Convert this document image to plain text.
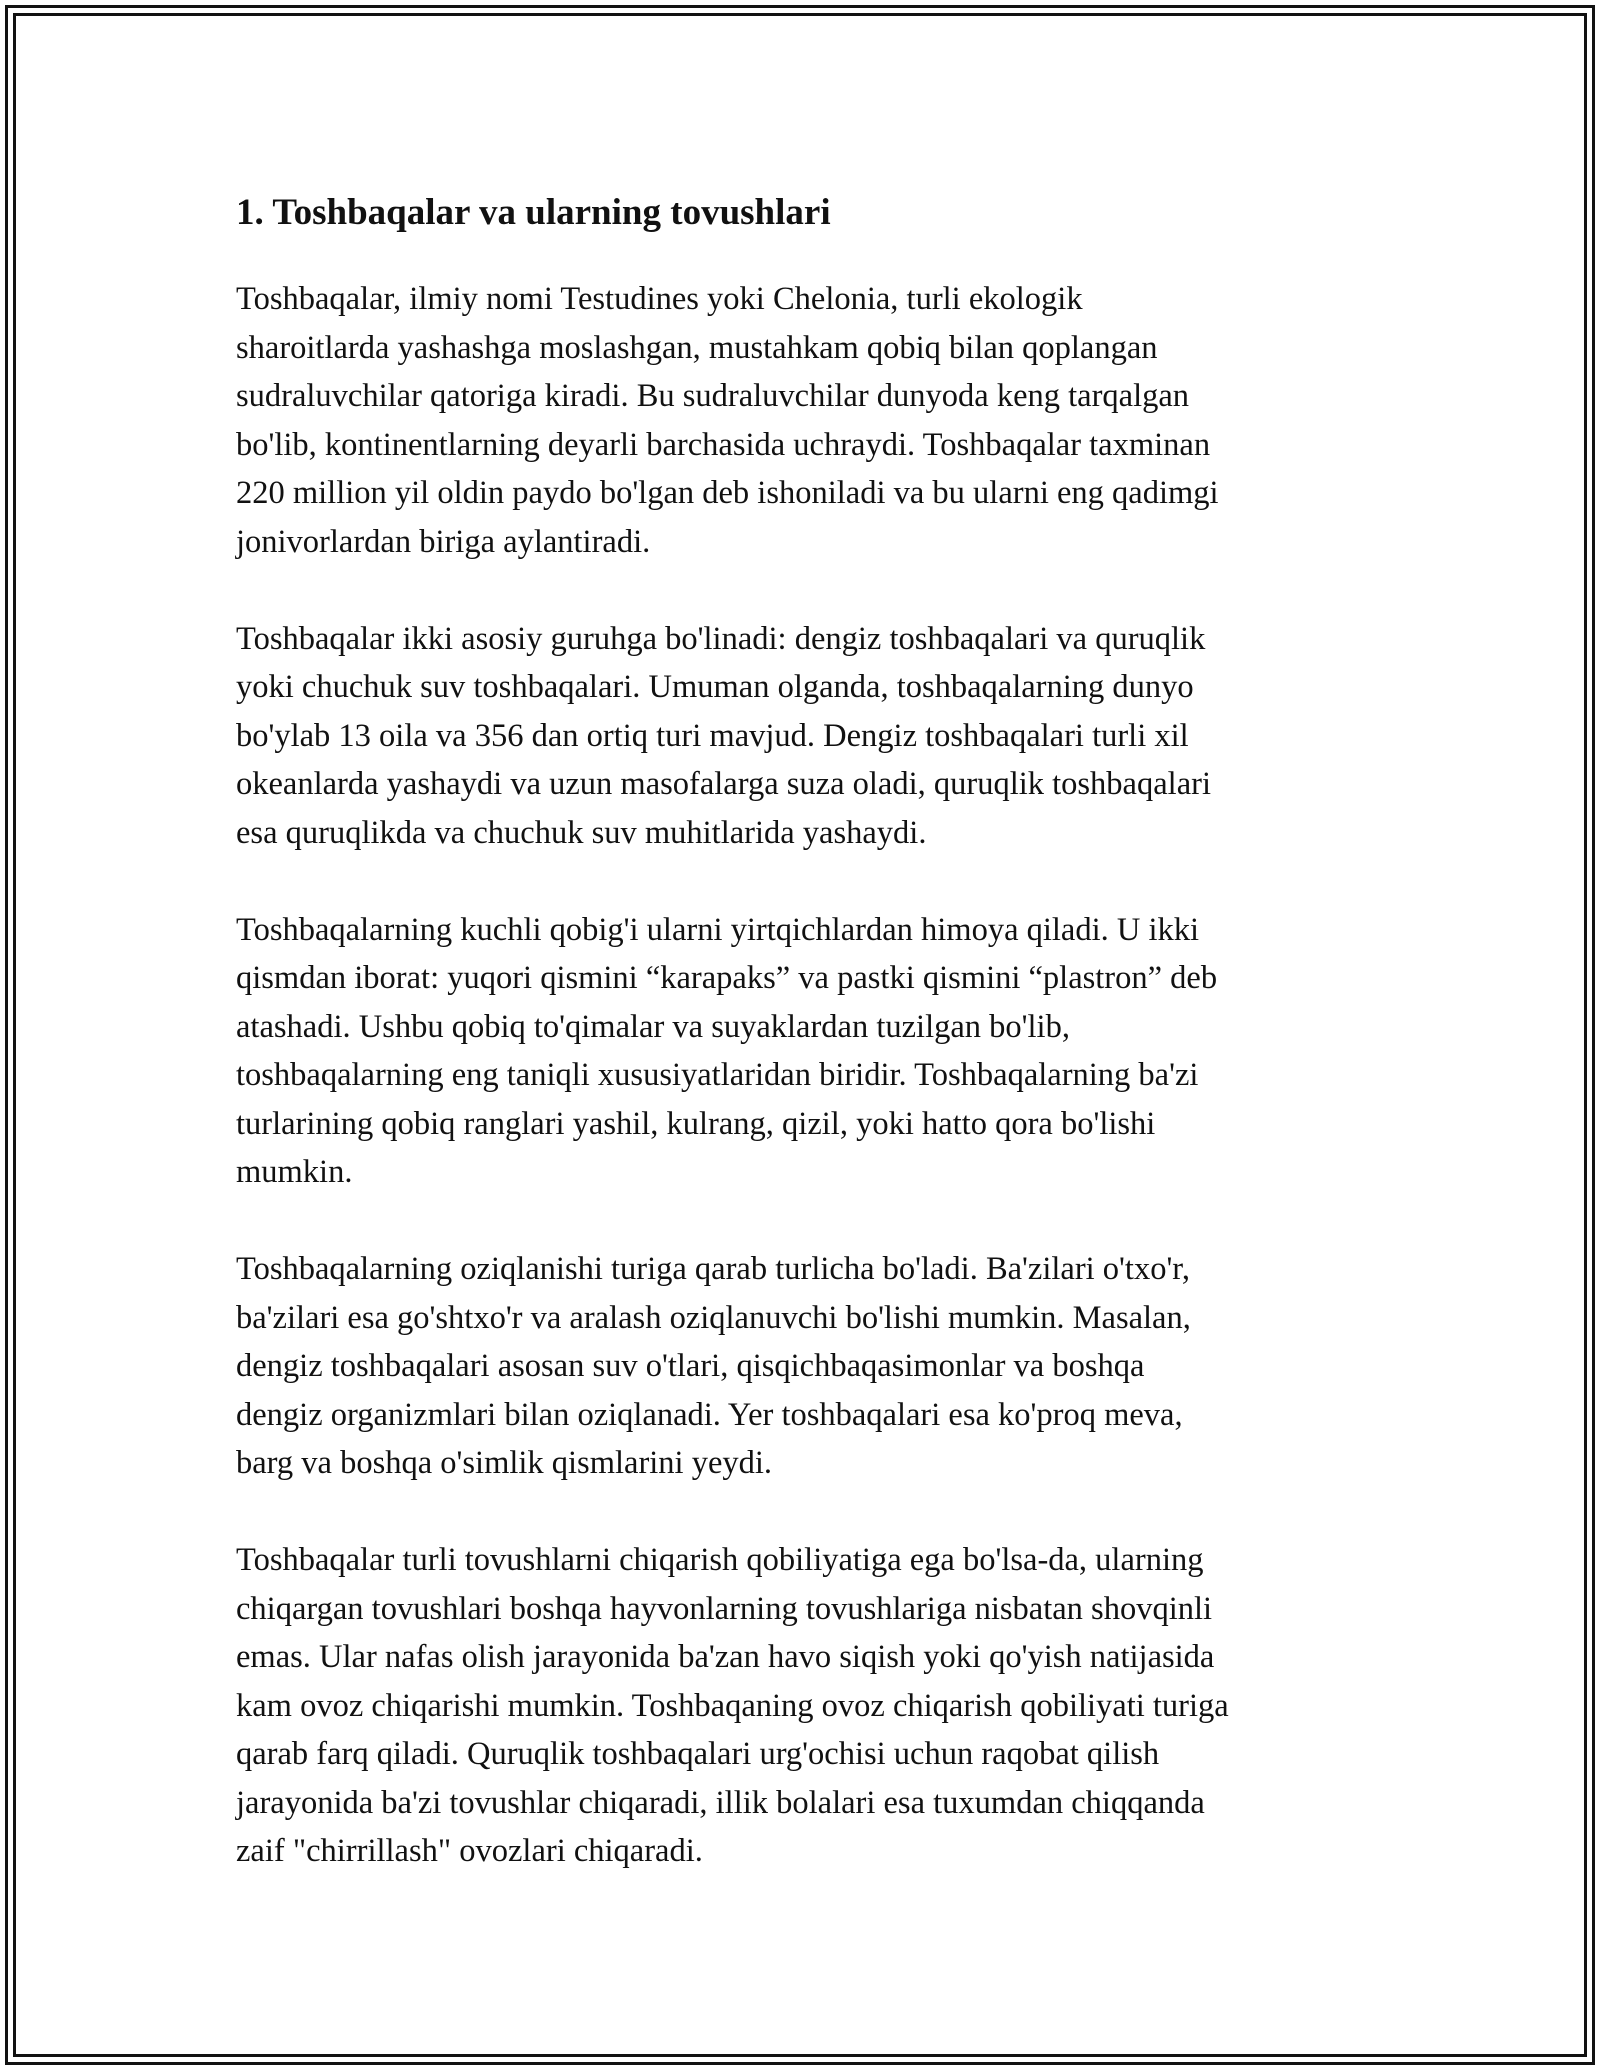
1. Toshbaqalar va ularning tovushlari

Toshbaqalar, ilmiy nomi Testudines yoki Chelonia, turli ekologik
sharoitlarda yashashga moslashgan, mustahkam qobiq bilan qoplangan
sudraluvchilar qatoriga kiradi. Bu sudraluvchilar dunyoda keng tarqalgan
bo'lib, kontinentlarning deyarli barchasida uchraydi. Toshbaqalar taxminan
220 million yil oldin paydo bo'lgan deb ishoniladi va bu ularni eng qadimgi
jonivorlardan biriga aylantiradi.

Toshbaqalar ikki asosiy guruhga bo'linadi: dengiz toshbaqalari va quruqlik
yoki chuchuk suv toshbaqalari. Umuman olganda, toshbaqalarning dunyo
bo'ylab 13 oila va 356 dan ortiq turi mavjud. Dengiz toshbaqalari turli xil
okeanlarda yashaydi va uzun masofalarga suza oladi, quruqlik toshbaqalari
esa quruqlikda va chuchuk suv muhitlarida yashaydi.

Toshbaqalarning kuchli qobig'i ularni yirtqichlardan himoya qiladi. U ikki
qismdan iborat: yuqori qismini “karapaks” va pastki qismini “plastron” deb
atashadi. Ushbu qobiq to'qimalar va suyaklardan tuzilgan bo'lib,
toshbaqalarning eng taniqli xususiyatlaridan biridir. Toshbaqalarning ba'zi
turlarining qobiq ranglari yashil, kulrang, qizil, yoki hatto qora bo'lishi
mumkin.

Toshbaqalarning oziqlanishi turiga qarab turlicha bo'ladi. Ba'zilari o'txo'r,
ba'zilari esa go'shtxo'r va aralash oziqlanuvchi bo'lishi mumkin. Masalan,
dengiz toshbaqalari asosan suv o'tlari, qisqichbaqasimonlar va boshqa
dengiz organizmlari bilan oziqlanadi. Yer toshbaqalari esa ko'proq meva,
barg va boshqa o'simlik qismlarini yeydi.

Toshbaqalar turli tovushlarni chiqarish qobiliyatiga ega bo'lsa-da, ularning
chiqargan tovushlari boshqa hayvonlarning tovushlariga nisbatan shovqinli
emas. Ular nafas olish jarayonida ba'zan havo siqish yoki qo'yish natijasida
kam ovoz chiqarishi mumkin. Toshbaqaning ovoz chiqarish qobiliyati turiga
qarab farq qiladi. Quruqlik toshbaqalari urg'ochisi uchun raqobat qilish
jarayonida ba'zi tovushlar chiqaradi, illik bolalari esa tuxumdan chiqqanda
zaif "chirrillash" ovozlari chiqaradi.
